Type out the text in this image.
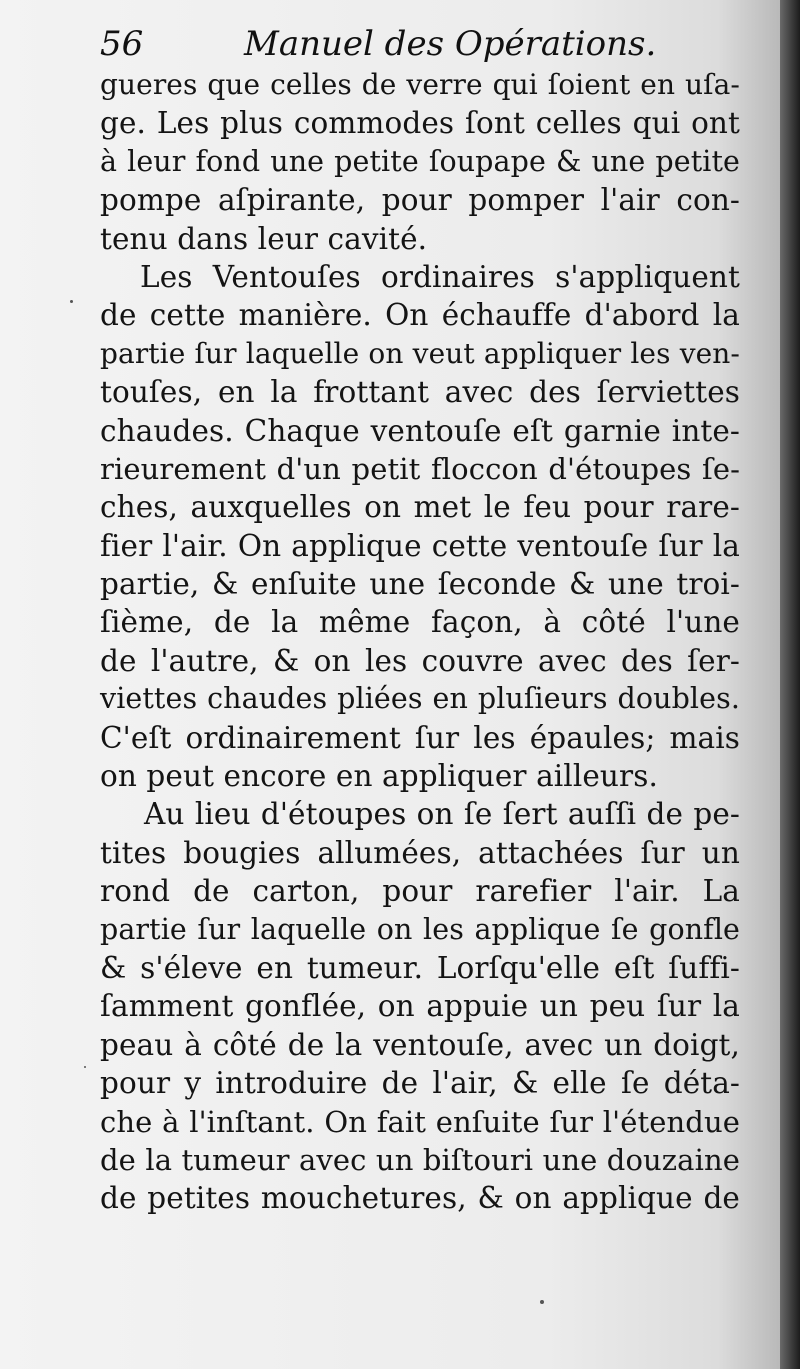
56	Manuel des Opérations.
gueres que celles de verre qui ſoient en uſa-
ge. Les plus commodes ſont celles qui ont
à leur fond une petite ſoupape & une petite
pompe aſpirante, pour pomper l'air con-
tenu dans leur cavité.
Les Ventouſes ordinaires s'appliquent
de cette manière. On échauffe d'abord la
partie ſur laquelle on veut appliquer les ven-
touſes, en la frottant avec des ſerviettes
chaudes. Chaque ventouſe eſt garnie inte-
rieurement d'un petit floccon d'étoupes ſe-
ches, auxquelles on met le feu pour rare-
fier l'air. On applique cette ventouſe ſur la
partie, & enſuite une ſeconde & une troi-
ſième, de la même façon, à côté l'une
de l'autre, & on les couvre avec des ſer-
viettes chaudes pliées en pluſieurs doubles.
C'eſt ordinairement ſur les épaules; mais
on peut encore en appliquer ailleurs.
Au lieu d'étoupes on ſe ſert auſſi de pe-
tites bougies allumées, attachées ſur un
rond de carton, pour rarefier l'air. La
partie ſur laquelle on les applique ſe gonfle
& s'éleve en tumeur. Lorſqu'elle eſt ſuffi-
ſamment gonflée, on appuie un peu ſur la
peau à côté de la ventouſe, avec un doigt,
pour y introduire de l'air, & elle ſe déta-
che à l'inſtant. On fait enſuite ſur l'étendue
de la tumeur avec un biſtouri une douzaine
de petites mouchetures, & on applique de
